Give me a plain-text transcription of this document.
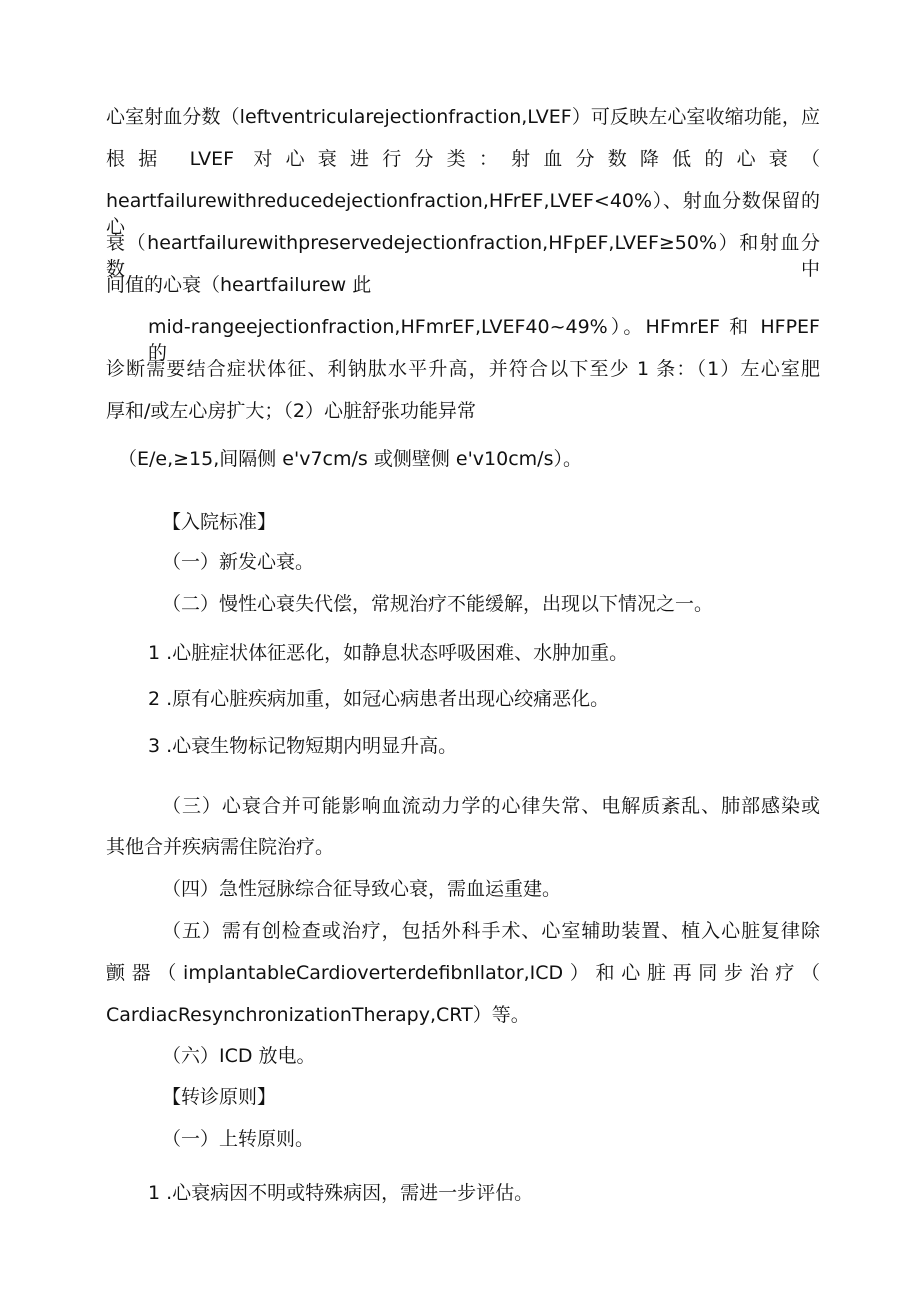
心室射血分数（leftventricularejectionfraction,LVEF）可反映左心室收缩功能，应
根据 LVEF 对心衰进行分类：射血分数降低的心衰（
heartfailurewithreducedejectionfraction,HFrEF,LVEF<40%）、射血分数保留的心
衰（heartfailurewithpreservedejectionfraction,HFpEF,LVEF≥50%）和射血分数中
间值的心衰（heartfailurew 此
mid-rangeejectionfraction,HFmrEF,LVEF40~49%）。HFmrEF 和 HFPEF 的
诊断需要结合症状体征、利钠肽水平升高，并符合以下至少 1 条：（1）左心室肥
厚和/或左心房扩大；（2）心脏舒张功能异常
（E/e,≥15,间隔侧 e'v7cm∕s 或侧壁侧 e'v10cm∕s）。
【入院标准】
（一）新发心衰。
（二）慢性心衰失代偿，常规治疗不能缓解，出现以下情况之一。
1 .心脏症状体征恶化，如静息状态呼吸困难、水肿加重。
2 .原有心脏疾病加重，如冠心病患者出现心绞痛恶化。
3 .心衰生物标记物短期内明显升高。
（三）心衰合并可能影响血流动力学的心律失常、电解质紊乱、肺部感染或
其他合并疾病需住院治疗。
（四）急性冠脉综合征导致心衰，需血运重建。
（五）需有创检查或治疗，包括外科手术、心室辅助装置、植入心脏复律除
颤器（implantableCardioverterdefibnllator,ICD）和心脏再同步治疗（
CardiacResynchronizationTherapy,CRT）等。
（六）ICD 放电。
【转诊原则】
（一）上转原则。
1 .心衰病因不明或特殊病因，需进一步评估。
